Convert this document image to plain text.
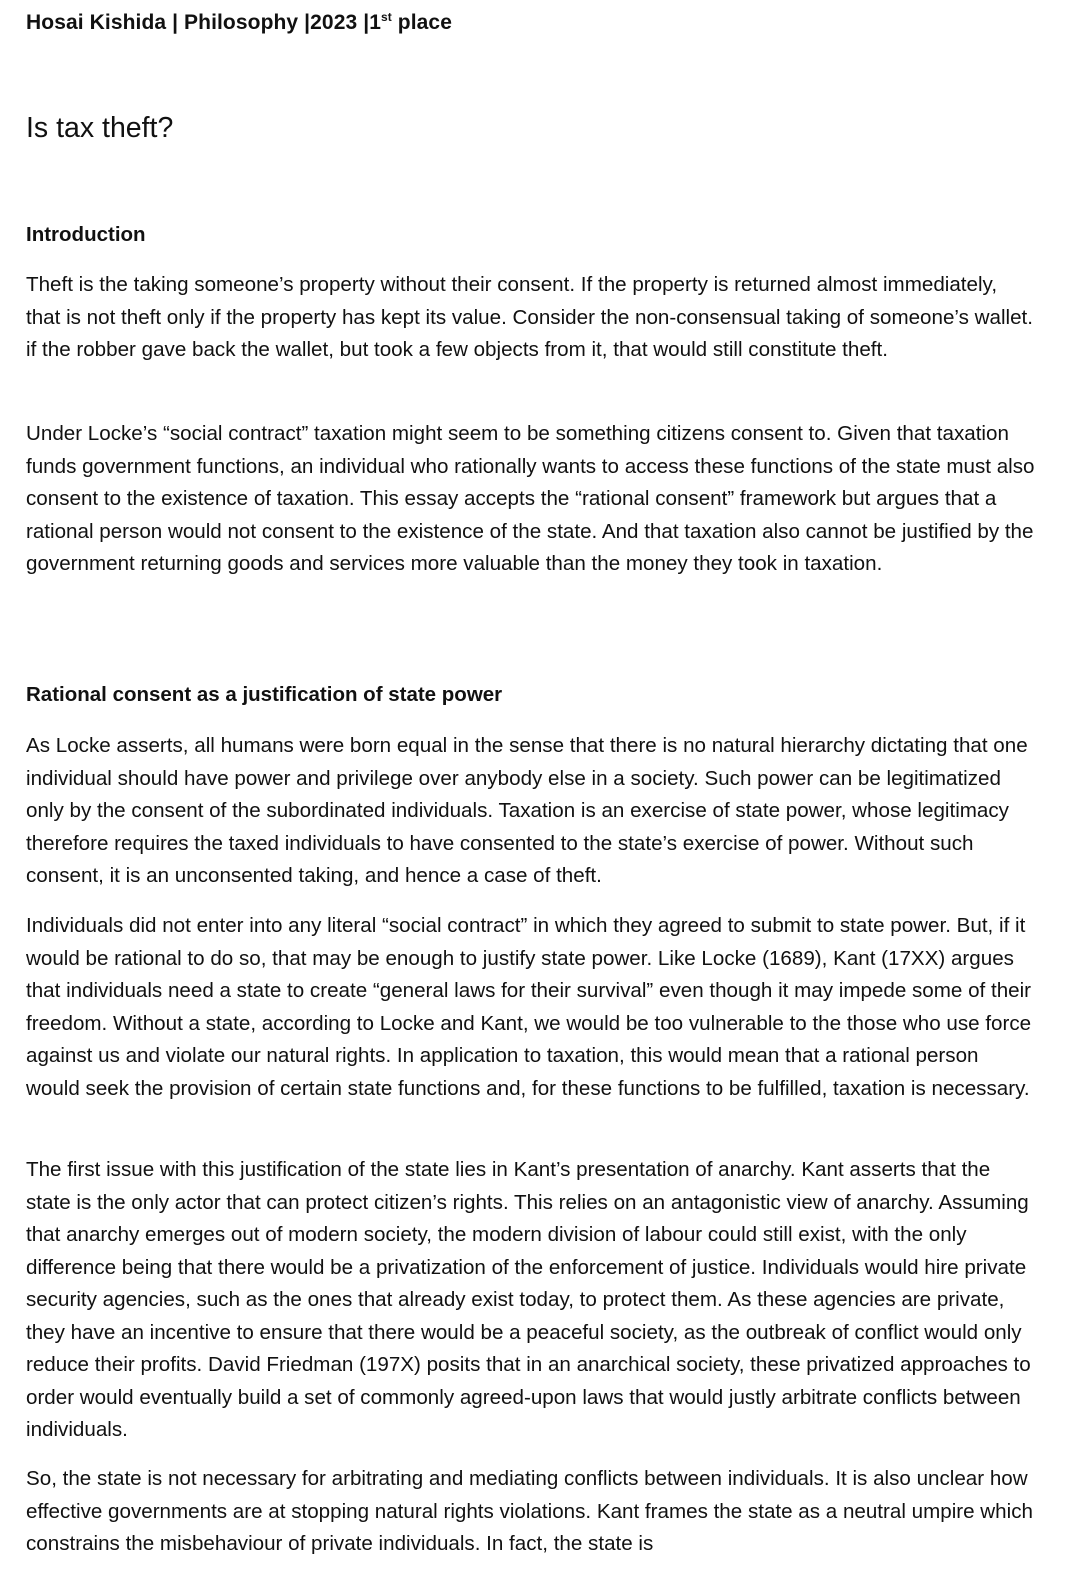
Hosai Kishida | Philosophy |2023 |1st place
Is tax theft?
Introduction

Theft is the taking someone’s property without their consent. If the property is returned almost immediately, that is not theft only if the property has kept its value. Consider the non-consensual taking of someone’s wallet. if the robber gave back the wallet, but took a few objects from it, that would still constitute theft.

Under Locke’s “social contract” taxation might seem to be something citizens consent to. Given that taxation funds government functions, an individual who rationally wants to access these functions of the state must also consent to the existence of taxation. This essay accepts the “rational consent” framework but argues that a rational person would not consent to the existence of the state. And that taxation also cannot be justified by the government returning goods and services more valuable than the money they took in taxation.

Rational consent as a justification of state power

As Locke asserts, all humans were born equal in the sense that there is no natural hierarchy dictating that one individual should have power and privilege over anybody else in a society. Such power can be legitimatized only by the consent of the subordinated individuals. Taxation is an exercise of state power, whose legitimacy therefore requires the taxed individuals to have consented to the state’s exercise of power. Without such consent, it is an unconsented taking, and hence a case of theft.

Individuals did not enter into any literal “social contract” in which they agreed to submit to state power. But, if it would be rational to do so, that may be enough to justify state power. Like Locke (1689), Kant (17XX) argues that individuals need a state to create “general laws for their survival” even though it may impede some of their freedom. Without a state, according to Locke and Kant, we would be too vulnerable to the those who use force against us and violate our natural rights. In application to taxation, this would mean that a rational person would seek the provision of certain state functions and, for these functions to be fulfilled, taxation is necessary.

The first issue with this justification of the state lies in Kant’s presentation of anarchy. Kant asserts that the state is the only actor that can protect citizen’s rights. This relies on an antagonistic view of anarchy. Assuming that anarchy emerges out of modern society, the modern division of labour could still exist, with the only difference being that there would be a privatization of the enforcement of justice. Individuals would hire private security agencies, such as the ones that already exist today, to protect them. As these agencies are private, they have an incentive to ensure that there would be a peaceful society, as the outbreak of conflict would only reduce their profits. David Friedman (197X) posits that in an anarchical society, these privatized approaches to order would eventually build a set of commonly agreed-upon laws that would justly arbitrate conflicts between individuals.

So, the state is not necessary for arbitrating and mediating conflicts between individuals. It is also unclear how effective governments are at stopping natural rights violations. Kant frames the state as a neutral umpire which constrains the misbehaviour of private individuals. In fact, the state is
